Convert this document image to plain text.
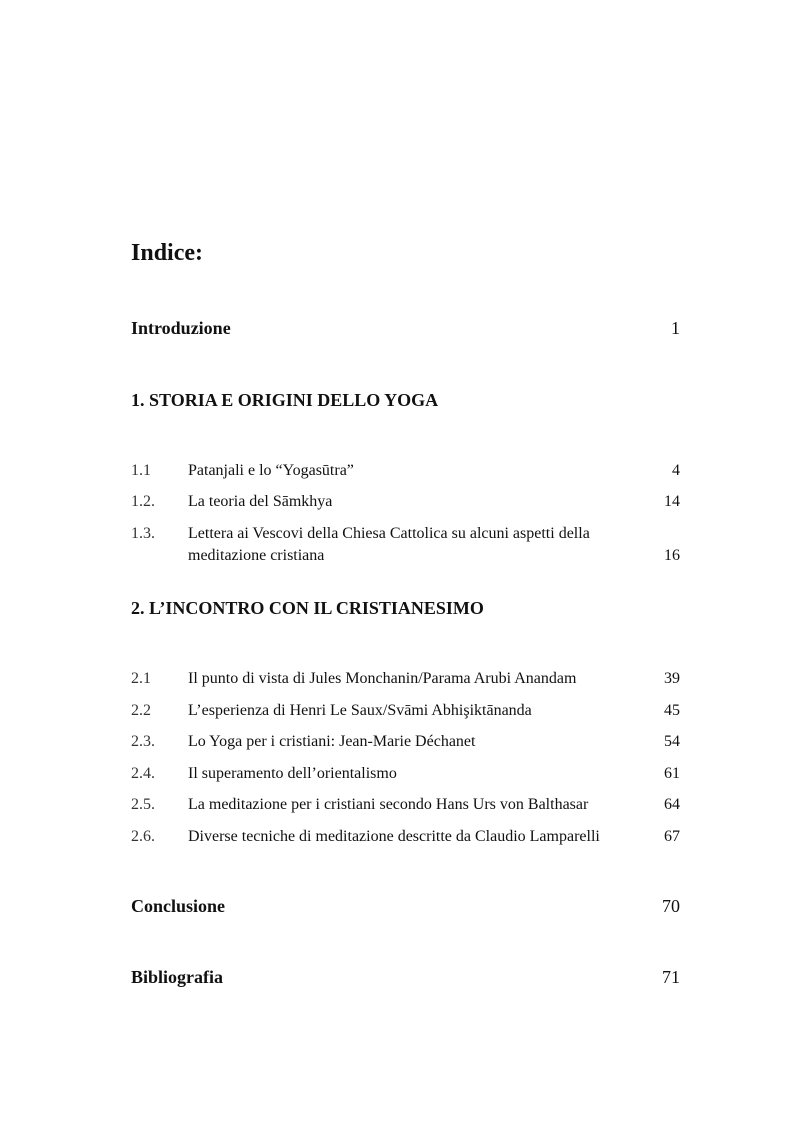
Indice:
Introduzione	1
1. STORIA E ORIGINI DELLO YOGA
1.1 Patanjali e lo “Yogasūtra”	4
1.2. La teoria del Sāmkhya	14
1.3. Lettera ai Vescovi della Chiesa Cattolica su alcuni aspetti della meditazione cristiana	16
2. L’INCONTRO CON IL CRISTIANESIMO
2.1 Il punto di vista di Jules Monchanin/Parama Arubi Anandam	39
2.2 L’esperienza di Henri Le Saux/Svāmi Abhişiktānanda	45
2.3. Lo Yoga per i cristiani: Jean-Marie Déchanet	54
2.4. Il superamento dell’orientalismo	61
2.5. La meditazione per i cristiani secondo Hans Urs von Balthasar	64
2.6. Diverse tecniche di meditazione descritte da Claudio Lamparelli	67
Conclusione	70
Bibliografia	71
